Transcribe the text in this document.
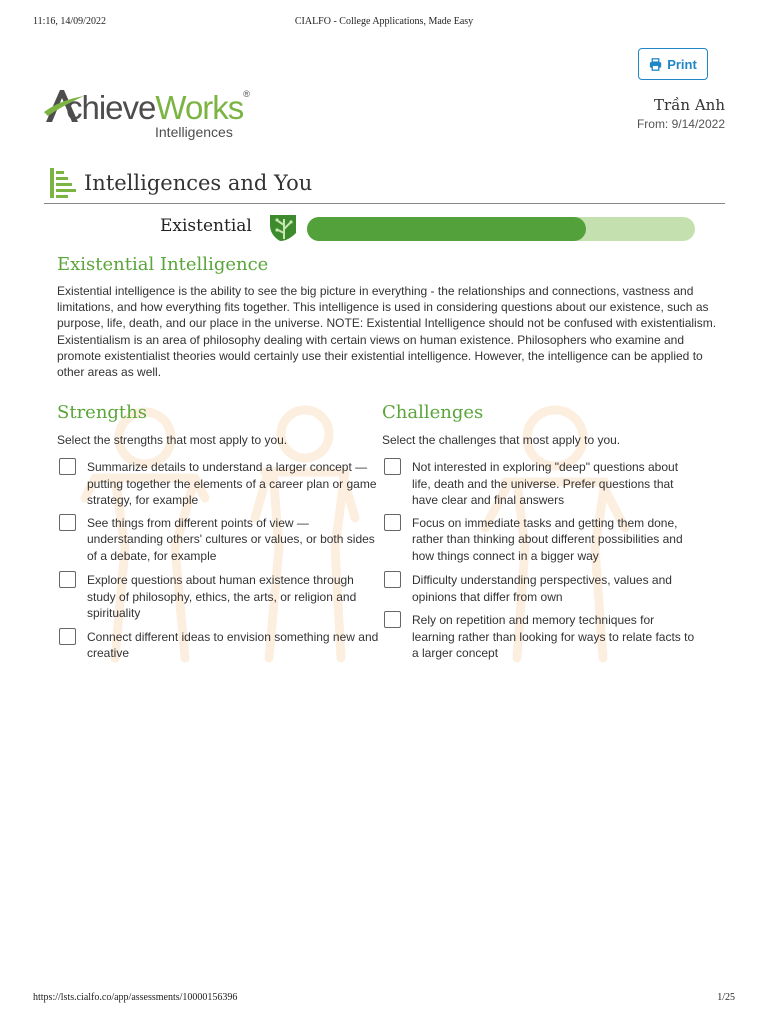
11:16, 14/09/2022	CIALFO - College Applications, Made Easy
Print
chieveWorks®
Intelligences
Trần Anh
From: 9/14/2022
Intelligences and You
Existential
Existential Intelligence
Existential intelligence is the ability to see the big picture in everything - the relationships and connections, vastness and limitations, and how everything fits together. This intelligence is used in considering questions about our existence, such as purpose, life, death, and our place in the universe. NOTE: Existential Intelligence should not be confused with existentialism. Existentialism is an area of philosophy dealing with certain views on human existence. Philosophers who examine and promote existentialist theories would certainly use their existential intelligence. However, the intelligence can be applied to other areas as well.
Strengths
Select the strengths that most apply to you.
Summarize details to understand a larger concept — putting together the elements of a career plan or game strategy, for example
See things from different points of view — understanding others' cultures or values, or both sides of a debate, for example
Explore questions about human existence through study of philosophy, ethics, the arts, or religion and spirituality
Connect different ideas to envision something new and creative
Challenges
Select the challenges that most apply to you.
Not interested in exploring "deep" questions about life, death and the universe. Prefer questions that have clear and final answers
Focus on immediate tasks and getting them done, rather than thinking about different possibilities and how things connect in a bigger way
Difficulty understanding perspectives, values and opinions that differ from own
Rely on repetition and memory techniques for learning rather than looking for ways to relate facts to a larger concept
https://lsts.cialfo.co/app/assessments/10000156396	1/25
